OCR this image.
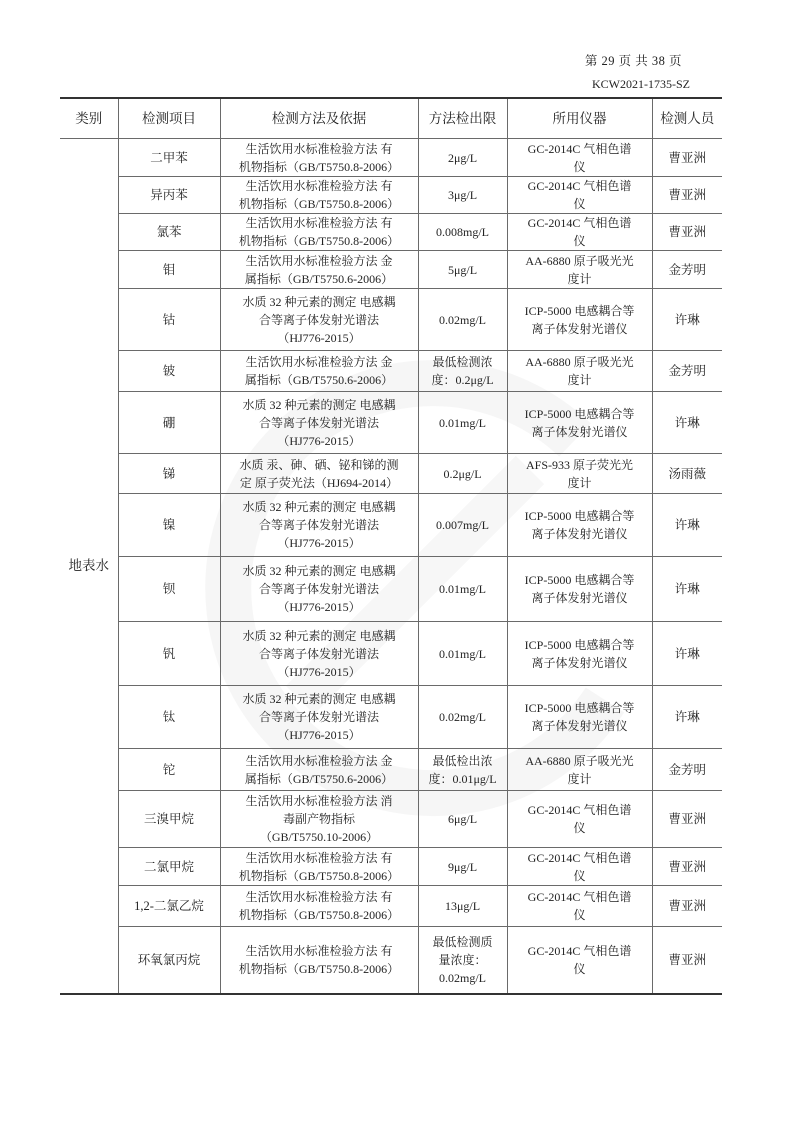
第 29 页 共 38 页
KCW2021-1735-SZ
类别	检测项目	检测方法及依据	方法检出限	所用仪器	检测人员
地表水	二甲苯	生活饮用水标准检验方法 有
机物指标（GB/T5750.8-2006）	2μg/L	GC-2014C 气相色谱
仪	曹亚洲
	异丙苯	生活饮用水标准检验方法 有
机物指标（GB/T5750.8-2006）	3μg/L	GC-2014C 气相色谱
仪	曹亚洲
	氯苯	生活饮用水标准检验方法 有
机物指标（GB/T5750.8-2006）	0.008mg/L	GC-2014C 气相色谱
仪	曹亚洲
	钼	生活饮用水标准检验方法 金
属指标（GB/T5750.6-2006）	5μg/L	AA-6880 原子吸光光
度计	金芳明
	钴	水质 32 种元素的测定 电感耦
合等离子体发射光谱法
（HJ776-2015）	0.02mg/L	ICP-5000 电感耦合等
离子体发射光谱仪	许琳
	铍	生活饮用水标准检验方法 金
属指标（GB/T5750.6-2006）	最低检测浓
度：0.2μg/L	AA-6880 原子吸光光
度计	金芳明
	硼	水质 32 种元素的测定 电感耦
合等离子体发射光谱法
（HJ776-2015）	0.01mg/L	ICP-5000 电感耦合等
离子体发射光谱仪	许琳
	锑	水质 汞、砷、硒、铋和锑的测
定 原子荧光法（HJ694-2014）	0.2μg/L	AFS-933 原子荧光光
度计	汤雨薇
	镍	水质 32 种元素的测定 电感耦
合等离子体发射光谱法
（HJ776-2015）	0.007mg/L	ICP-5000 电感耦合等
离子体发射光谱仪	许琳
	钡	水质 32 种元素的测定 电感耦
合等离子体发射光谱法
（HJ776-2015）	0.01mg/L	ICP-5000 电感耦合等
离子体发射光谱仪	许琳
	钒	水质 32 种元素的测定 电感耦
合等离子体发射光谱法
（HJ776-2015）	0.01mg/L	ICP-5000 电感耦合等
离子体发射光谱仪	许琳
	钛	水质 32 种元素的测定 电感耦
合等离子体发射光谱法
（HJ776-2015）	0.02mg/L	ICP-5000 电感耦合等
离子体发射光谱仪	许琳
	铊	生活饮用水标准检验方法 金
属指标（GB/T5750.6-2006）	最低检出浓
度：0.01μg/L	AA-6880 原子吸光光
度计	金芳明
	三溴甲烷	生活饮用水标准检验方法 消
毒副产物指标
（GB/T5750.10-2006）	6μg/L	GC-2014C 气相色谱
仪	曹亚洲
	二氯甲烷	生活饮用水标准检验方法 有
机物指标（GB/T5750.8-2006）	9μg/L	GC-2014C 气相色谱
仪	曹亚洲
	1,2-二氯乙烷	生活饮用水标准检验方法 有
机物指标（GB/T5750.8-2006）	13μg/L	GC-2014C 气相色谱
仪	曹亚洲
	环氧氯丙烷	生活饮用水标准检验方法 有
机物指标（GB/T5750.8-2006）	最低检测质
量浓度：
0.02mg/L	GC-2014C 气相色谱
仪	曹亚洲
